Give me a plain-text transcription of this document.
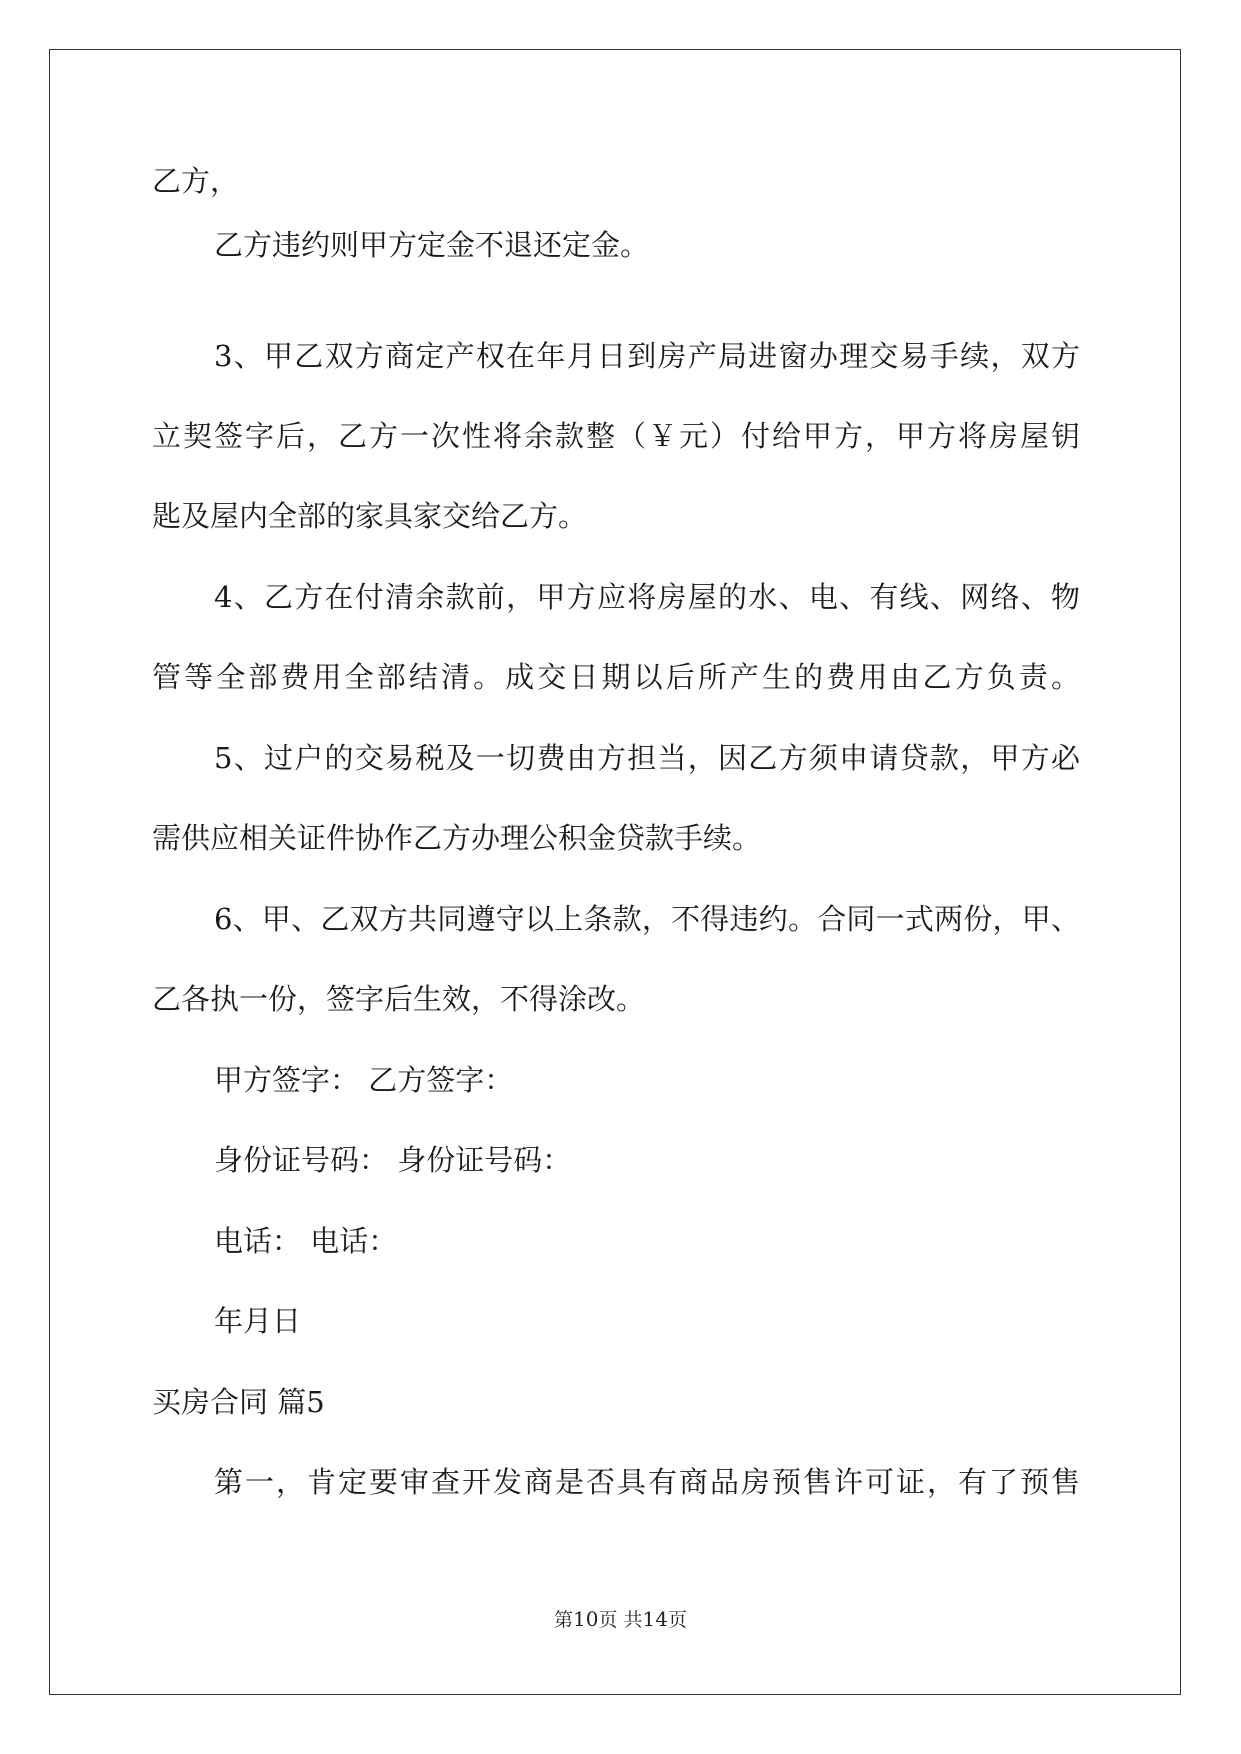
乙方，
乙方违约则甲方定金不退还定金。
3、甲乙双方商定产权在年月日到房产局进窗办理交易手续，双方
立契签字后，乙方一次性将余款整（￥元）付给甲方，甲方将房屋钥
匙及屋内全部的家具家交给乙方。
4、乙方在付清余款前，甲方应将房屋的水、电、有线、网络、物
管等全部费用全部结清。成交日期以后所产生的费用由乙方负责。
5、过户的交易税及一切费由方担当，因乙方须申请贷款，甲方必
需供应相关证件协作乙方办理公积金贷款手续。
6、甲、乙双方共同遵守以上条款，不得违约。合同一式两份，甲、
乙各执一份，签字后生效，不得涂改。
甲方签字： 乙方签字：
身份证号码： 身份证号码：
电话： 电话：
年月日
买房合同 篇5
第一，肯定要审查开发商是否具有商品房预售许可证，有了预售
第10页 共14页
